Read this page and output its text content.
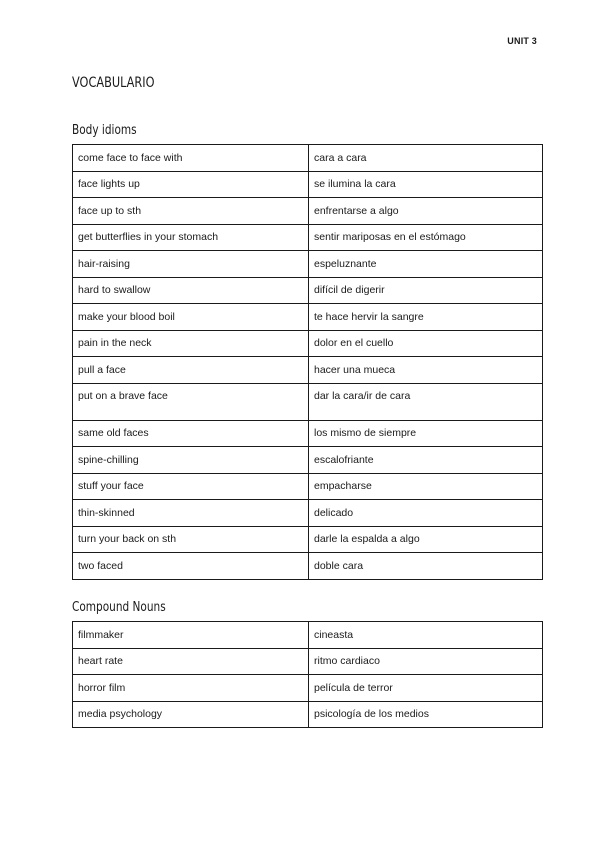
UNIT 3
VOCABULARIO
Body idioms
come face to face with	cara a cara
face lights up	se ilumina la cara
face up to sth	enfrentarse a algo
get butterflies in your stomach	sentir mariposas en el estómago
hair-raising	espeluznante
hard to swallow	difícil de digerir
make your blood boil	te hace hervir la sangre
pain in the neck	dolor en el cuello
pull a face	hacer una mueca
put on a brave face	dar la cara/ir de cara
same old faces	los mismo de siempre
spine-chilling	escalofriante
stuff your face	empacharse
thin-skinned	delicado
turn your back on sth	darle la espalda a algo
two faced	doble cara
Compound Nouns
filmmaker	cineasta
heart rate	ritmo cardiaco
horror film	película de terror
media psychology	psicología de los medios
